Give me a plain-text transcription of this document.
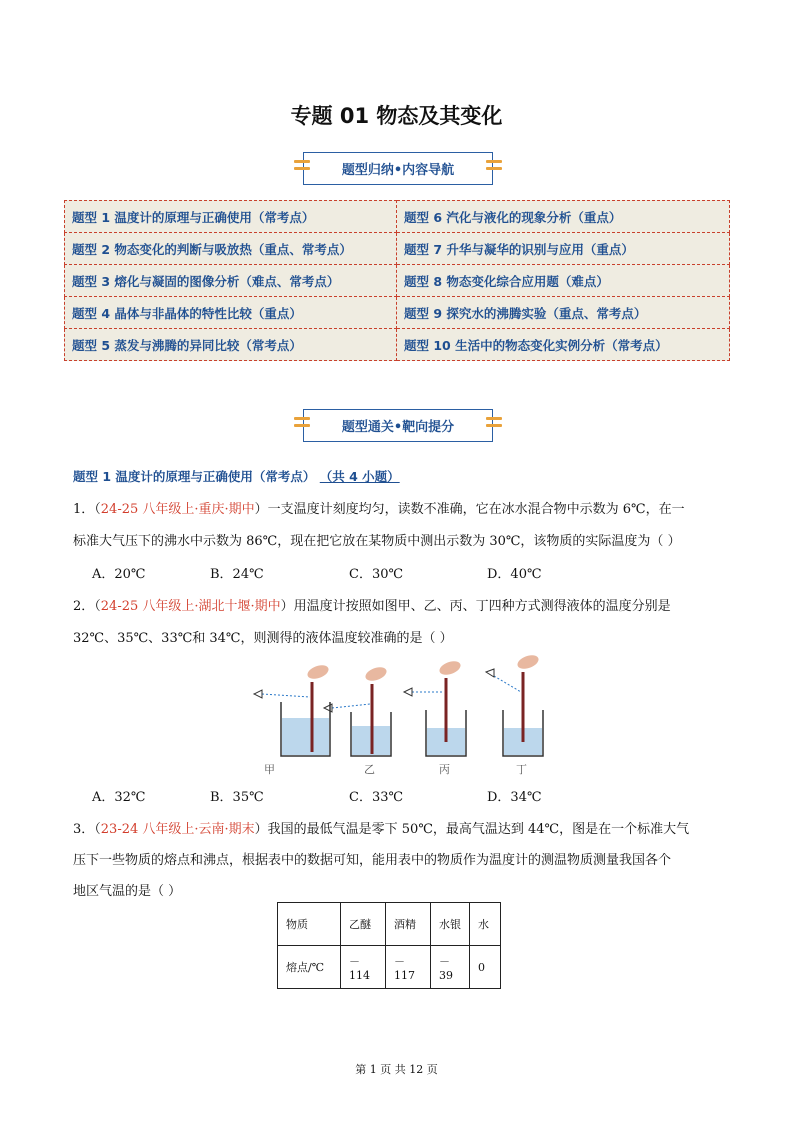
专题 01 物态及其变化
题型归纳•内容导航
题型 1 温度计的原理与正确使用（常考点）	题型 6 汽化与液化的现象分析（重点）
题型 2 物态变化的判断与吸放热（重点、常考点）	题型 7 升华与凝华的识别与应用（重点）
题型 3 熔化与凝固的图像分析（难点、常考点）	题型 8 物态变化综合应用题（难点）
题型 4 晶体与非晶体的特性比较（重点）	题型 9 探究水的沸腾实验（重点、常考点）
题型 5 蒸发与沸腾的异同比较（常考点）	题型 10 生活中的物态变化实例分析（常考点）
题型通关•靶向提分
题型 1 温度计的原理与正确使用（常考点） （共 4 小题）
1．（24-25 八年级上·重庆·期中）一支温度计刻度均匀，读数不准确，它在冰水混合物中示数为 6℃，在一
标准大气压下的沸水中示数为 86℃，现在把它放在某物质中测出示数为 30℃，该物质的实际温度为（ ）
A．20℃	B．24℃	C．30℃	D．40℃
2．（24-25 八年级上·湖北十堰·期中）用温度计按照如图甲、乙、丙、丁四种方式测得液体的温度分别是
32℃、35℃、33℃和 34℃，则测得的液体温度较准确的是（ ）
甲	乙	丙	丁
A．32℃	B．35℃	C．33℃	D．34℃
3．（23-24 八年级上·云南·期末）我国的最低气温是零下 50℃，最高气温达到 44℃，图是在一个标准大气
压下一些物质的熔点和沸点，根据表中的数据可知，能用表中的物质作为温度计的测温物质测量我国各个
地区气温的是（ ）
物质	乙醚	酒精	水银	水
熔点/℃	－114	－117	－39	0
第 1 页 共 12 页
